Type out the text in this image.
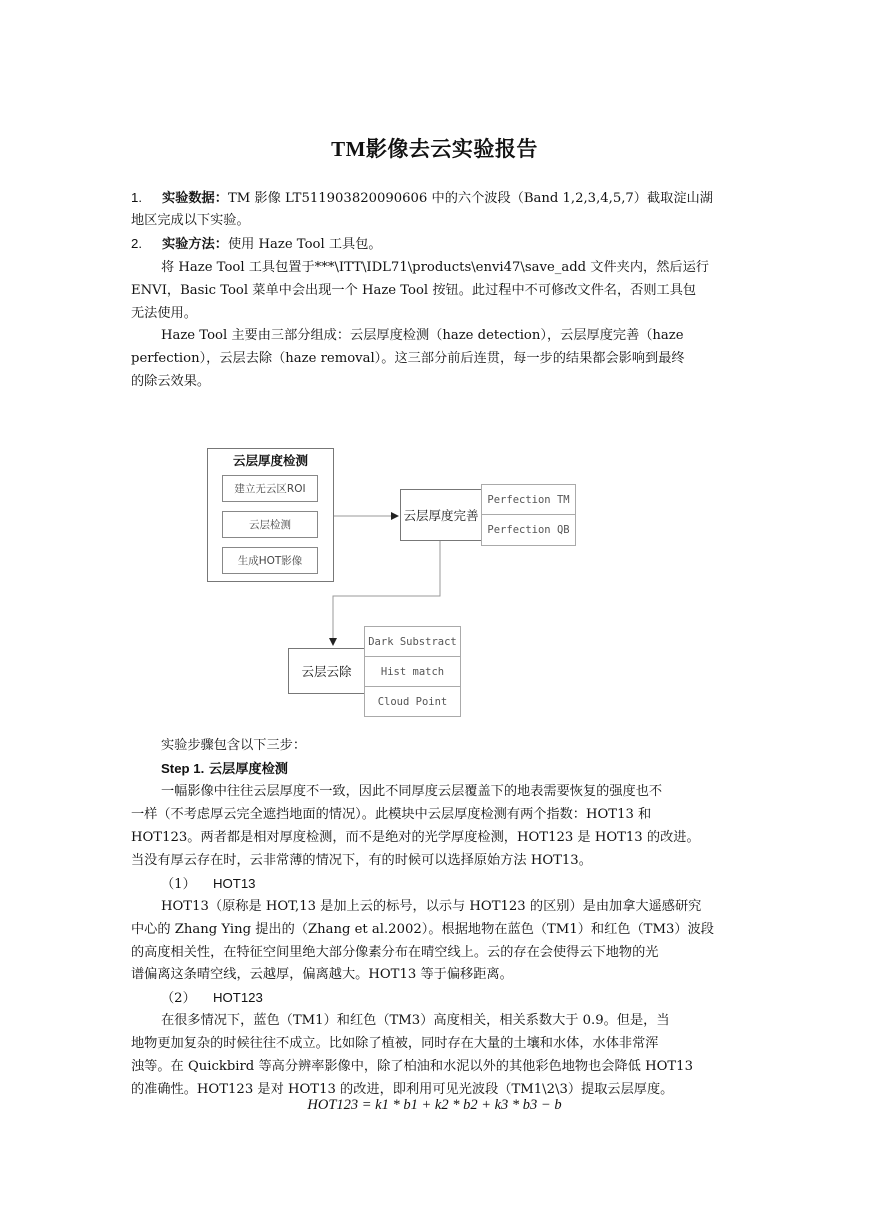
TM影像去云实验报告

1. 实验数据：TM 影像 LT511903820090606 中的六个波段（Band 1,2,3,4,5,7）截取淀山湖

地区完成以下实验。

2. 实验方法：使用 Haze Tool 工具包。

将 Haze Tool 工具包置于***\ITT\IDL71\products\envi47\save_add 文件夹内，然后运行

ENVI，Basic Tool 菜单中会出现一个 Haze Tool 按钮。此过程中不可修改文件名，否则工具包

无法使用。

Haze Tool 主要由三部分组成：云层厚度检测（haze detection），云层厚度完善（haze

perfection），云层去除（haze removal）。这三部分前后连贯，每一步的结果都会影响到最终

的除云效果。

云层厚度检测
建立无云区ROI
云层检测
生成HOT影像
云层厚度完善
Perfection TM
Perfection QB
云层云除
Dark Substract
Hist match
Cloud Point

实验步骤包含以下三步：

Step 1. 云层厚度检测

一幅影像中往往云层厚度不一致，因此不同厚度云层覆盖下的地表需要恢复的强度也不

一样（不考虑厚云完全遮挡地面的情况）。此模块中云层厚度检测有两个指数：HOT13 和

HOT123。两者都是相对厚度检测，而不是绝对的光学厚度检测，HOT123 是 HOT13 的改进。

当没有厚云存在时，云非常薄的情况下，有的时候可以选择原始方法 HOT13。

（1） HOT13

HOT13（原称是 HOT,13 是加上云的标号，以示与 HOT123 的区别）是由加拿大遥感研究

中心的 Zhang Ying 提出的（Zhang et al.2002）。根据地物在蓝色（TM1）和红色（TM3）波段

的高度相关性，在特征空间里绝大部分像素分布在晴空线上。云的存在会使得云下地物的光

谱偏离这条晴空线，云越厚，偏离越大。HOT13 等于偏移距离。

（2） HOT123

在很多情况下，蓝色（TM1）和红色（TM3）高度相关，相关系数大于 0.9。但是，当

地物更加复杂的时候往往不成立。比如除了植被，同时存在大量的土壤和水体，水体非常浑

浊等。在 Quickbird 等高分辨率影像中，除了柏油和水泥以外的其他彩色地物也会降低 HOT13

的准确性。HOT123 是对 HOT13 的改进，即利用可见光波段（TM1\2\3）提取云层厚度。

HOT123 = k1 * b1 + k2 * b2 + k3 * b3 − b
